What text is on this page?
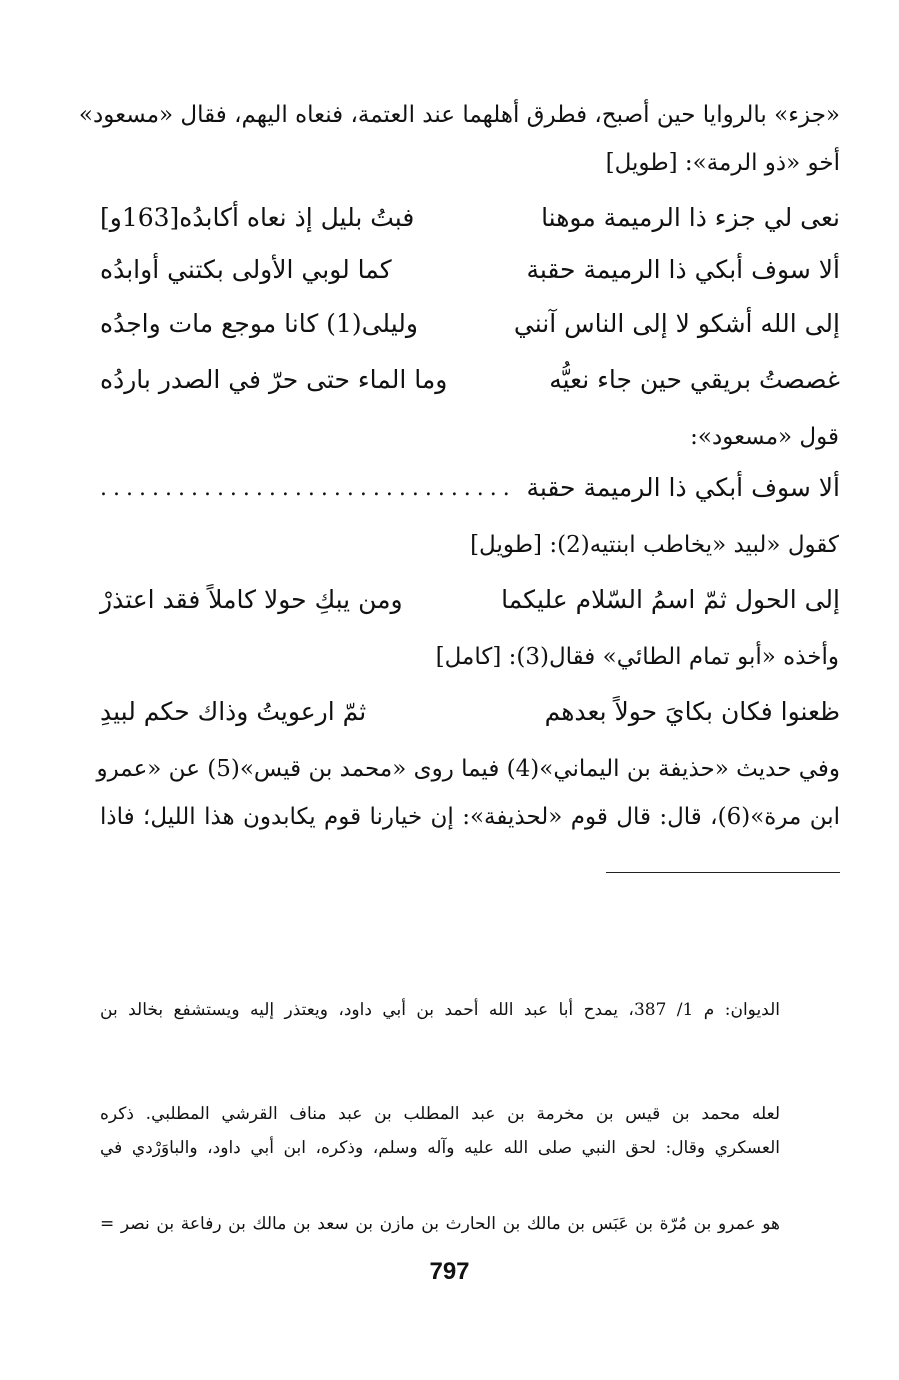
«جزء» بالروايا حين أصبح، فطرق أهلهما عند العتمة، فنعاه اليهم، فقال «مسعود»
أخو «ذو الرمة»: [طويل]
نعى لي جزء ذا الرميمة موهنا
فبتُ بليل إذ نعاه أكابدُه[163و]
ألا سوف أبكي ذا الرميمة حقبة
كما لوبي الأولى بكتني أوابدُه
إلى الله أشكو لا إلى الناس آنني
وليلى(1) كانا موجع مات واجدُه
غصصتُ بريقي حين جاء نعيُّه
وما الماء حتى حرّ في الصدر باردُه
قول «مسعود»:
ألا سوف أبكي ذا الرميمة حقبة
................................
كقول «لبيد «يخاطب ابنتيه(2): [طويل]
إلى الحول ثمّ اسمُ السّلام عليكما
ومن يبكِ حولا كاملاً فقد اعتذرْ
وأخذه «أبو تمام الطائي» فقال(3): [كامل]
ظعنوا فكان بكايَ حولاً بعدهم
ثمّ ارعويتُ وذاك حكم لبيدِ
وفي حديث «حذيفة بن اليماني»(4) فيما روى «محمد بن قيس»(5) عن «عمرو
ابن مرة»(6)، قال: قال قوم «لحذيفة»: إن خيارنا قوم يكابدون هذا الليل؛ فاذا
الديوان: م 1/ 387، يمدح أبا عبد الله أحمد بن أبي داود، ويعتذر إليه ويستشفع بخالد بن
لعله محمد بن قيس بن مخرمة بن عبد المطلب بن عبد مناف القرشي المطلبي. ذكره
العسكري وقال: لحق النبي صلى الله عليه وآله وسلم، وذكره، ابن أبي داود، والباوَرْدي في
هو عمرو بن مُرّة بن عَبَس بن مالك بن الحارث بن مازن بن سعد بن مالك بن رفاعة بن نصر =
797
